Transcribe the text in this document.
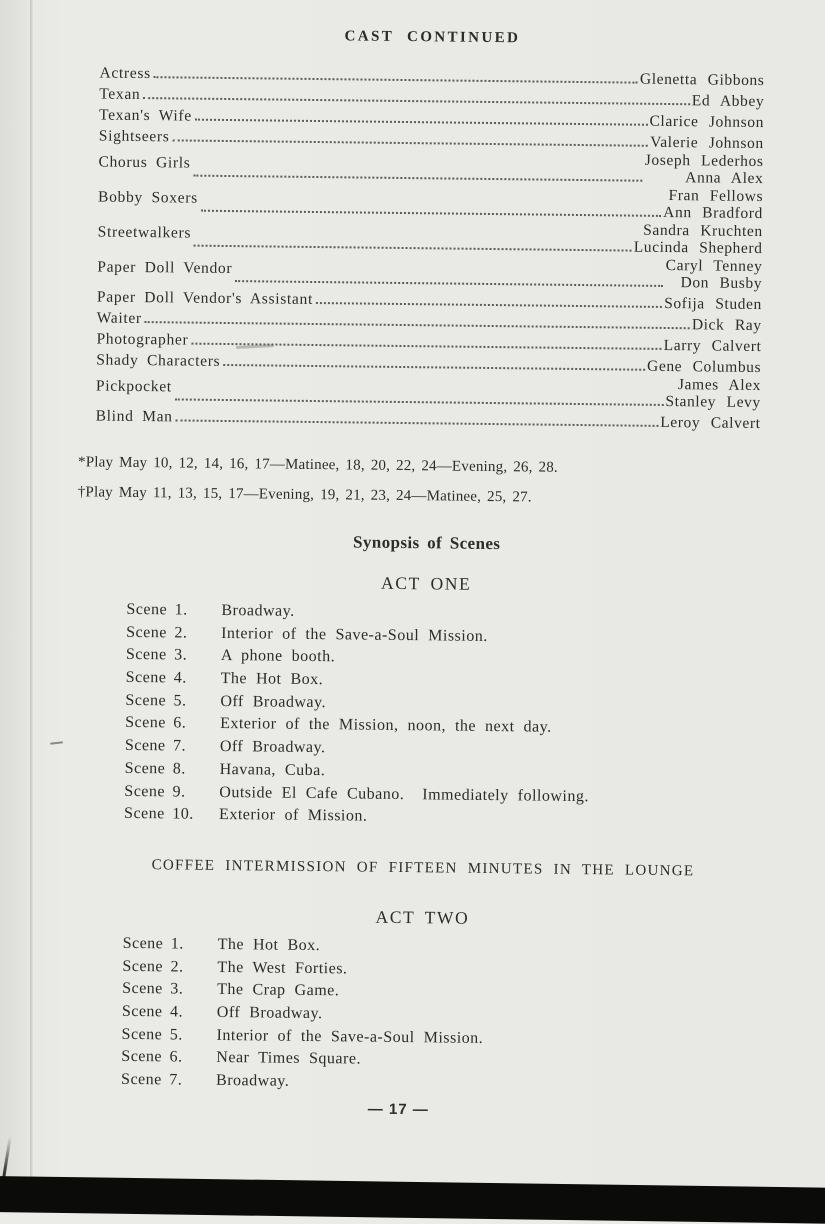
CAST CONTINUED
Actress	Glenetta Gibbons
Texan	Ed Abbey
Texan's Wife	Clarice Johnson
Sightseers	Valerie Johnson
Chorus Girls	Joseph Lederhos
Anna Alex
Bobby Soxers	Fran Fellows
Ann Bradford
Streetwalkers	Sandra Kruchten
Lucinda Shepherd
Paper Doll Vendor	Caryl Tenney
Don Busby
Paper Doll Vendor's Assistant	Sofija Studen
Waiter	Dick Ray
Photographer	Larry Calvert
Shady Characters	Gene Columbus
Pickpocket	James Alex
Stanley Levy
Blind Man	Leroy Calvert

*Play May 10, 12, 14, 16, 17—Matinee, 18, 20, 22, 24—Evening, 26, 28.

†Play May 11, 13, 15, 17—Evening, 19, 21, 23, 24—Matinee, 25, 27.

Synopsis of Scenes
ACT ONE
Scene 1.	Broadway.
Scene 2.	Interior of the Save-a-Soul Mission.
Scene 3.	A phone booth.
Scene 4.	The Hot Box.
Scene 5.	Off Broadway.
Scene 6.	Exterior of the Mission, noon, the next day.
Scene 7.	Off Broadway.
Scene 8.	Havana, Cuba.
Scene 9.	Outside El Cafe Cubano.  Immediately following.
Scene 10.	Exterior of Mission.
COFFEE INTERMISSION OF FIFTEEN MINUTES IN THE LOUNGE
ACT TWO
Scene 1.	The Hot Box.
Scene 2.	The West Forties.
Scene 3.	The Crap Game.
Scene 4.	Off Broadway.
Scene 5.	Interior of the Save-a-Soul Mission.
Scene 6.	Near Times Square.
Scene 7.	Broadway.
— 17 —
